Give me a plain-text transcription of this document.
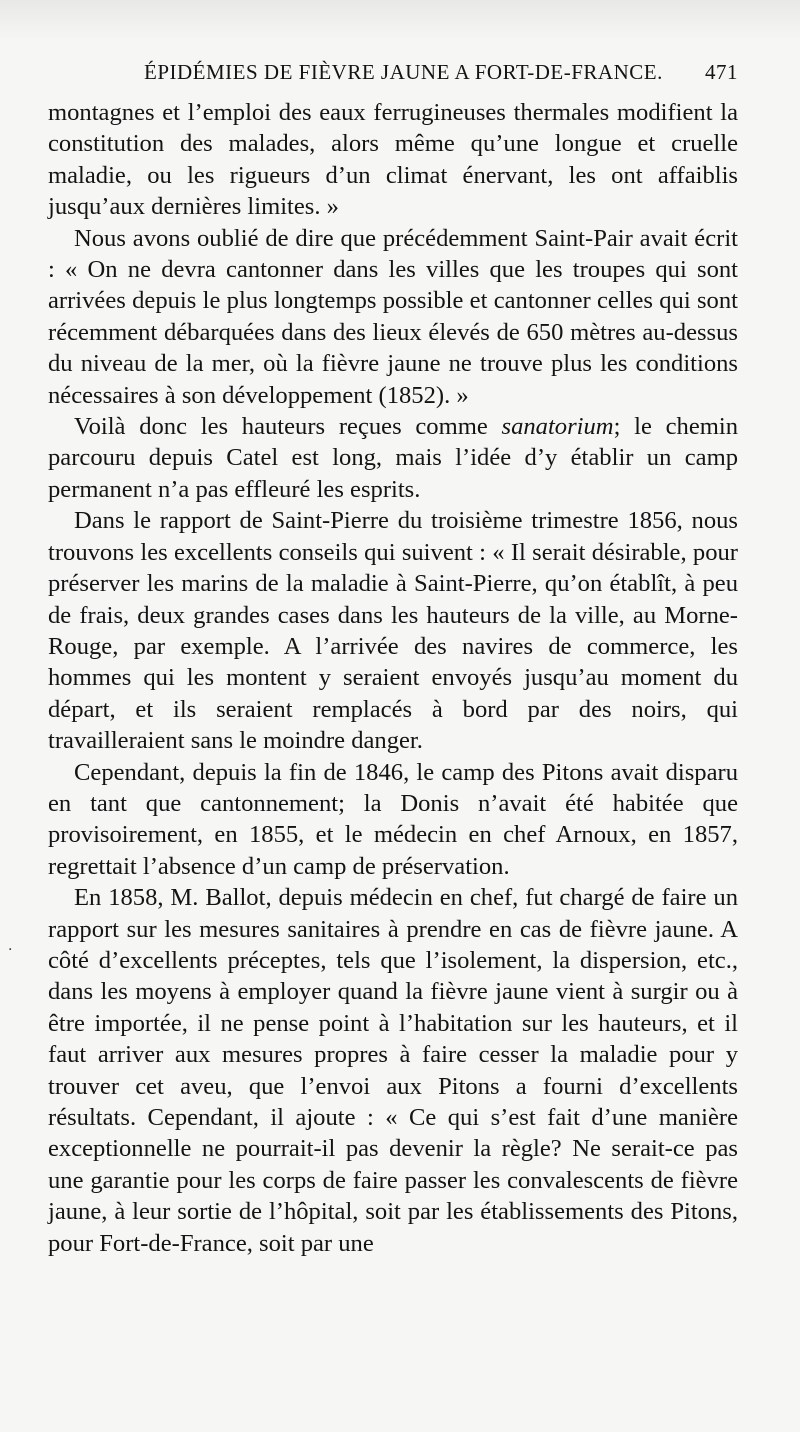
ÉPIDÉMIES DE FIÈVRE JAUNE A FORT-DE-FRANCE. 471

montagnes et l’emploi des eaux ferrugineuses thermales modifient la constitution des malades, alors même qu’une longue et cruelle maladie, ou les rigueurs d’un climat énervant, les ont affaiblis jusqu’aux dernières limites. »

Nous avons oublié de dire que précédemment Saint-Pair avait écrit : « On ne devra cantonner dans les villes que les troupes qui sont arrivées depuis le plus longtemps possible et cantonner celles qui sont récemment débarquées dans des lieux élevés de 650 mètres au-dessus du niveau de la mer, où la fièvre jaune ne trouve plus les conditions nécessaires à son développement (1852). »

Voilà donc les hauteurs reçues comme sanatorium; le chemin parcouru depuis Catel est long, mais l’idée d’y établir un camp permanent n’a pas effleuré les esprits.

Dans le rapport de Saint-Pierre du troisième trimestre 1856, nous trouvons les excellents conseils qui suivent : « Il serait désirable, pour préserver les marins de la maladie à Saint-Pierre, qu’on établît, à peu de frais, deux grandes cases dans les hauteurs de la ville, au Morne-Rouge, par exemple. A l’arrivée des navires de commerce, les hommes qui les montent y seraient envoyés jusqu’au moment du départ, et ils seraient remplacés à bord par des noirs, qui travailleraient sans le moindre danger.

Cependant, depuis la fin de 1846, le camp des Pitons avait disparu en tant que cantonnement; la Donis n’avait été habitée que provisoirement, en 1855, et le médecin en chef Arnoux, en 1857, regrettait l’absence d’un camp de préservation.

En 1858, M. Ballot, depuis médecin en chef, fut chargé de faire un rapport sur les mesures sanitaires à prendre en cas de fièvre jaune. A côté d’excellents préceptes, tels que l’isolement, la dispersion, etc., dans les moyens à employer quand la fièvre jaune vient à surgir ou à être importée, il ne pense point à l’habitation sur les hauteurs, et il faut arriver aux mesures propres à faire cesser la maladie pour y trouver cet aveu, que l’envoi aux Pitons a fourni d’excellents résultats. Cependant, il ajoute : « Ce qui s’est fait d’une manière exceptionnelle ne pourrait-il pas devenir la règle? Ne serait-ce pas une garantie pour les corps de faire passer les convalescents de fièvre jaune, à leur sortie de l’hôpital, soit par les établissements des Pitons, pour Fort-de-France, soit par une

.
